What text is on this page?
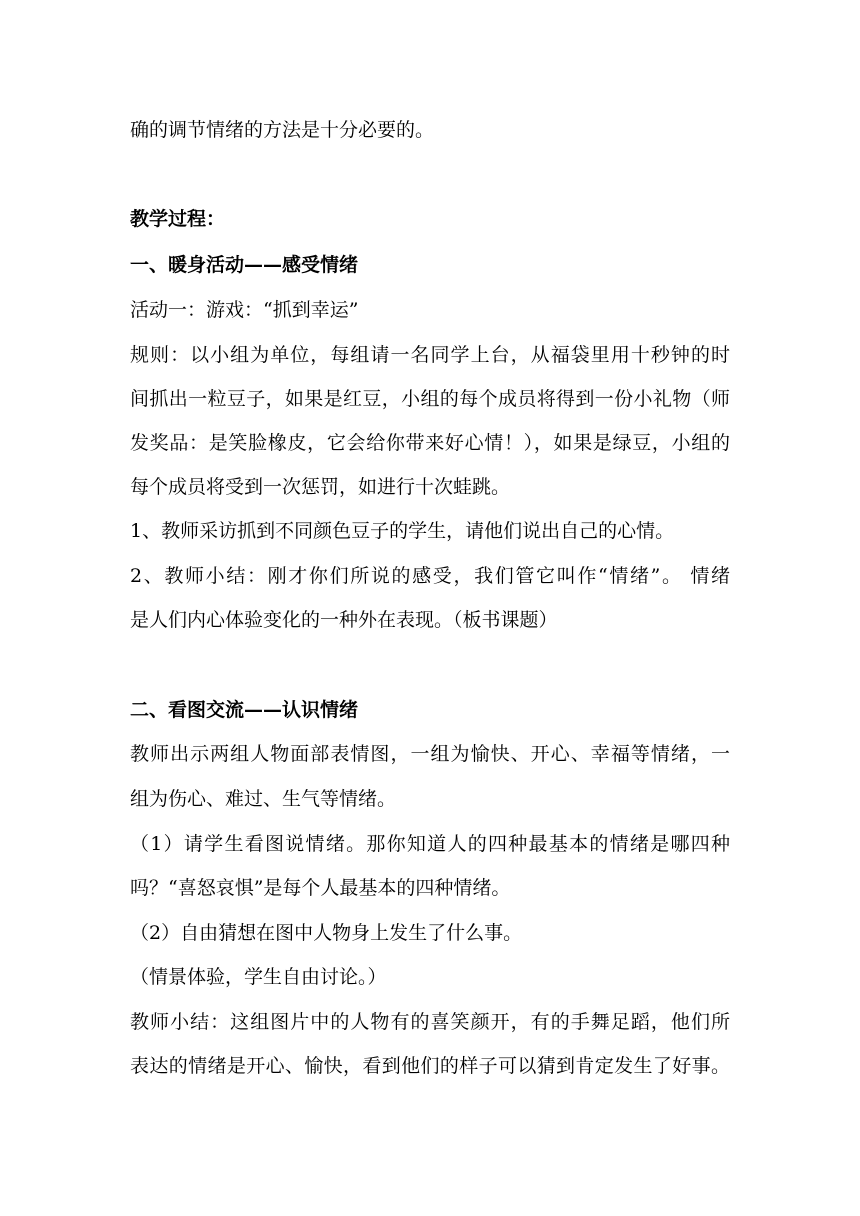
确的调节情绪的方法是十分必要的。
教学过程：
一、暖身活动——感受情绪
活动一：游戏：“抓到幸运”
规则：以小组为单位，每组请一名同学上台，从福袋里用十秒钟的时
间抓出一粒豆子，如果是红豆，小组的每个成员将得到一份小礼物（师
发奖品：是笑脸橡皮，它会给你带来好心情！），如果是绿豆，小组的
每个成员将受到一次惩罚，如进行十次蛙跳。
1、教师采访抓到不同颜色豆子的学生，请他们说出自己的心情。
2、教师小结：刚才你们所说的感受，我们管它叫作“情绪”。 情绪
是人们内心体验变化的一种外在表现。（板书课题）
二、看图交流——认识情绪
教师出示两组人物面部表情图，一组为愉快、开心、幸福等情绪，一
组为伤心、难过、生气等情绪。
（1）请学生看图说情绪。那你知道人的四种最基本的情绪是哪四种
吗？“喜怒哀惧”是每个人最基本的四种情绪。
（2）自由猜想在图中人物身上发生了什么事。
（情景体验，学生自由讨论。）
教师小结：这组图片中的人物有的喜笑颜开，有的手舞足蹈，他们所
表达的情绪是开心、愉快，看到他们的样子可以猜到肯定发生了好事。
